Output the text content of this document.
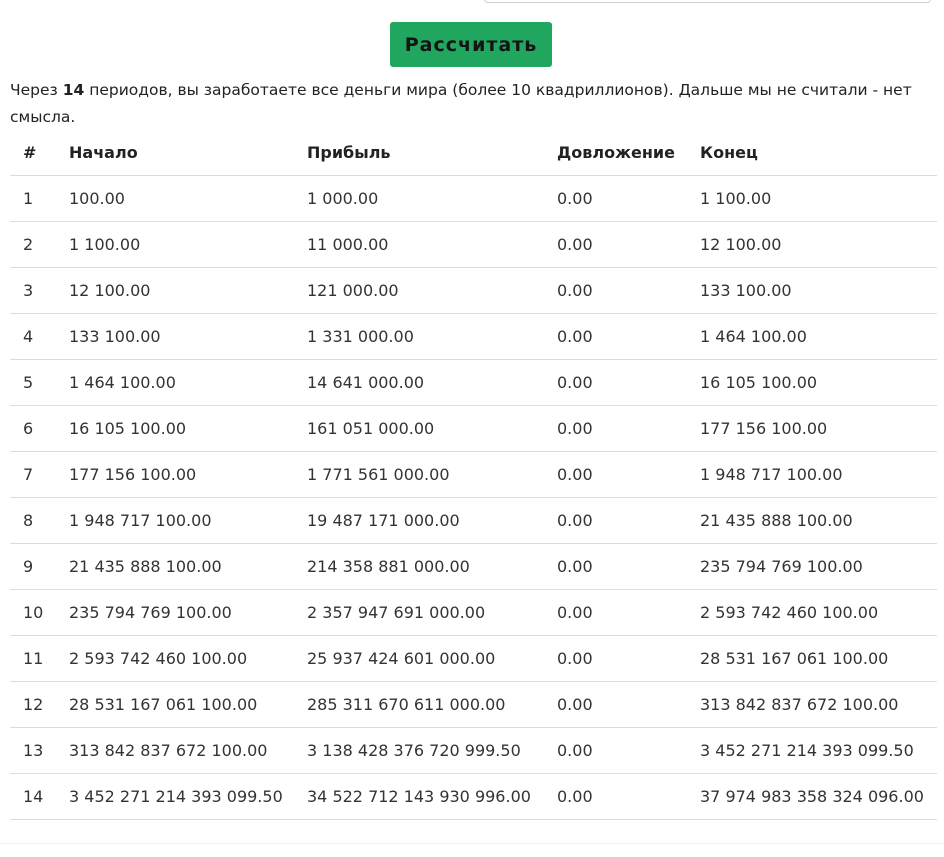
Рассчитать
Через 14 периодов, вы заработаете все деньги мира (более 10 квадриллионов). Дальше мы не считали - нет смысла.
#	Начало	Прибыль	Довложение	Конец
1	100.00	1 000.00	0.00	1 100.00
2	1 100.00	11 000.00	0.00	12 100.00
3	12 100.00	121 000.00	0.00	133 100.00
4	133 100.00	1 331 000.00	0.00	1 464 100.00
5	1 464 100.00	14 641 000.00	0.00	16 105 100.00
6	16 105 100.00	161 051 000.00	0.00	177 156 100.00
7	177 156 100.00	1 771 561 000.00	0.00	1 948 717 100.00
8	1 948 717 100.00	19 487 171 000.00	0.00	21 435 888 100.00
9	21 435 888 100.00	214 358 881 000.00	0.00	235 794 769 100.00
10	235 794 769 100.00	2 357 947 691 000.00	0.00	2 593 742 460 100.00
11	2 593 742 460 100.00	25 937 424 601 000.00	0.00	28 531 167 061 100.00
12	28 531 167 061 100.00	285 311 670 611 000.00	0.00	313 842 837 672 100.00
13	313 842 837 672 100.00	3 138 428 376 720 999.50	0.00	3 452 271 214 393 099.50
14	3 452 271 214 393 099.50	34 522 712 143 930 996.00	0.00	37 974 983 358 324 096.00
